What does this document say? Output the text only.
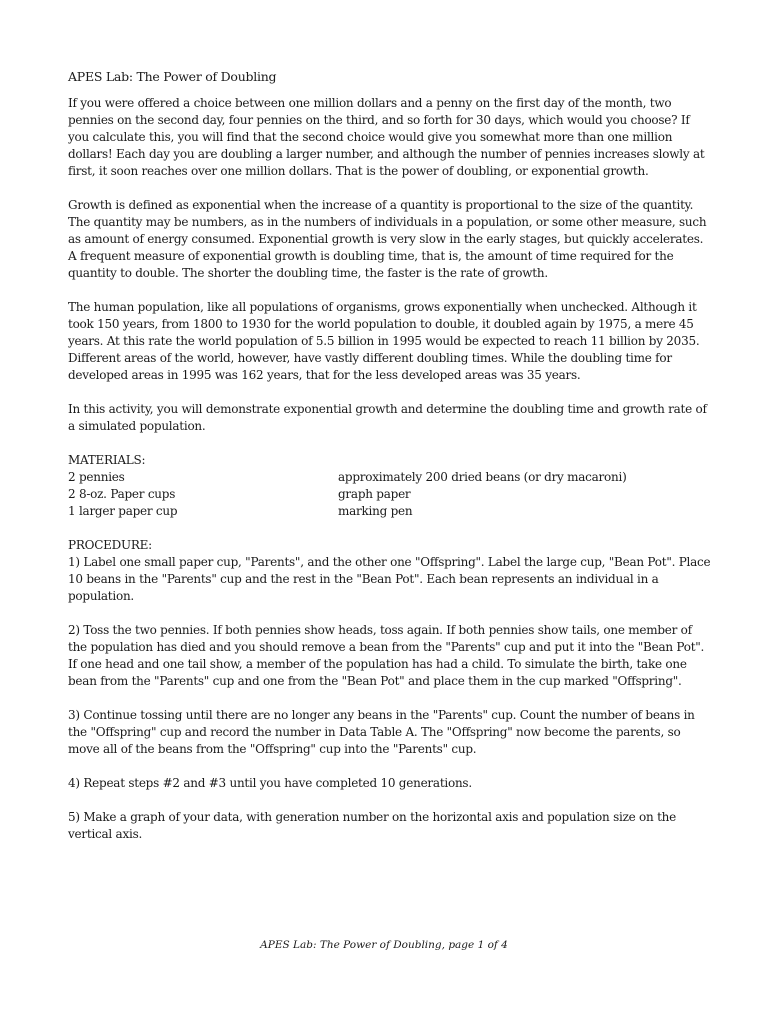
APES Lab: The Power of Doubling

If you were offered a choice between one million dollars and a penny on the first day of the month, two pennies on the second day, four pennies on the third, and so forth for 30 days, which would you choose? If you calculate this, you will find that the second choice would give you somewhat more than one million dollars! Each day you are doubling a larger number, and although the number of pennies increases slowly at first, it soon reaches over one million dollars. That is the power of doubling, or exponential growth.

Growth is defined as exponential when the increase of a quantity is proportional to the size of the quantity. The quantity may be numbers, as in the numbers of individuals in a population, or some other measure, such as amount of energy consumed. Exponential growth is very slow in the early stages, but quickly accelerates. A frequent measure of exponential growth is doubling time, that is, the amount of time required for the quantity to double. The shorter the doubling time, the faster is the rate of growth.

The human population, like all populations of organisms, grows exponentially when unchecked. Although it took 150 years, from 1800 to 1930 for the world population to double, it doubled again by 1975, a mere 45 years. At this rate the world population of 5.5 billion in 1995 would be expected to reach 11 billion by 2035. Different areas of the world, however, have vastly different doubling times. While the doubling time for developed areas in 1995 was 162 years, that for the less developed areas was 35 years.

In this activity, you will demonstrate exponential growth and determine the doubling time and growth rate of a simulated population.

MATERIALS:
2 pennies	approximately 200 dried beans (or dry macaroni)
2 8-oz. Paper cups	graph paper
1 larger paper cup	marking pen
PROCEDURE:
1) Label one small paper cup, "Parents", and the other one "Offspring". Label the large cup, "Bean Pot". Place 10 beans in the "Parents" cup and the rest in the "Bean Pot". Each bean represents an individual in a population.
2) Toss the two pennies. If both pennies show heads, toss again. If both pennies show tails, one member of the population has died and you should remove a bean from the "Parents" cup and put it into the "Bean Pot". If one head and one tail show, a member of the population has had a child. To simulate the birth, take one bean from the "Parents" cup and one from the "Bean Pot" and place them in the cup marked "Offspring".
3) Continue tossing until there are no longer any beans in the "Parents" cup. Count the number of beans in the "Offspring" cup and record the number in Data Table A. The "Offspring" now become the parents, so move all of the beans from the "Offspring" cup into the "Parents" cup.
4) Repeat steps #2 and #3 until you have completed 10 generations.
5) Make a graph of your data, with generation number on the horizontal axis and population size on the vertical axis.
APES Lab: The Power of Doubling, page 1 of 4
